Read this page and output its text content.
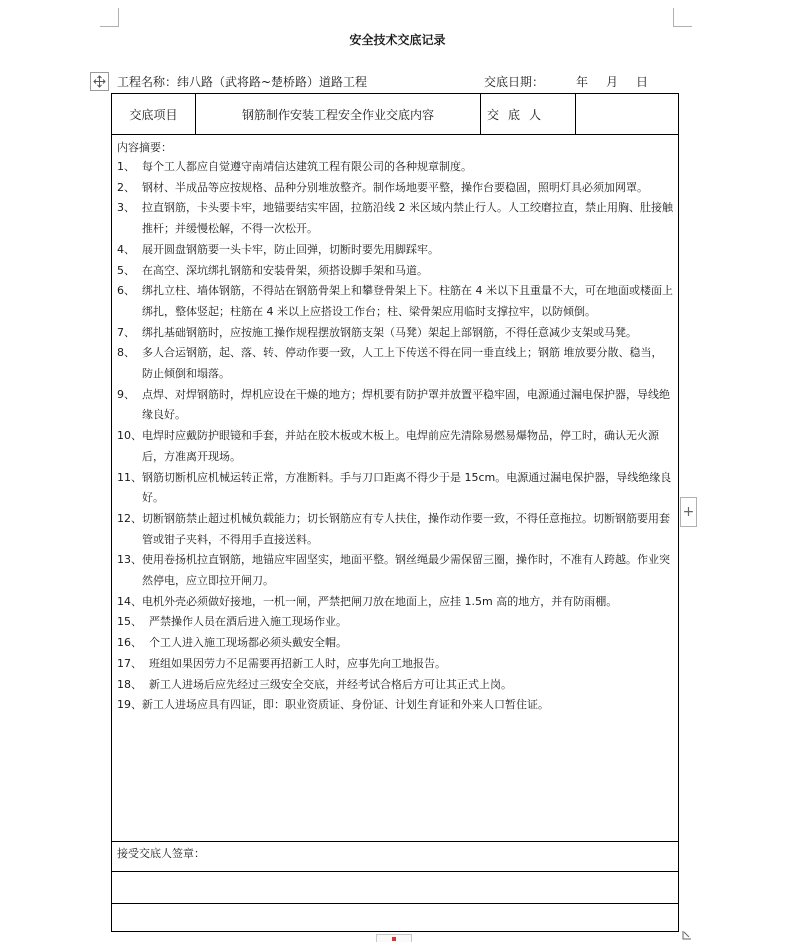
安全技术交底记录
工程名称：纬八路（武将路~楚桥路）道路工程	交底日期：	年 月 日
交底项目	钢筋制作安装工程安全作业交底内容	交底人
内容摘要：
1、 每个工人都应自觉遵守南靖信达建筑工程有限公司的各种规章制度。
2、 钢材、半成品等应按规格、品种分别堆放整齐。制作场地要平整，操作台要稳固，照明灯具必须加网罩。
3、 拉直钢筋，卡头要卡牢，地锚要结实牢固，拉筋沿线 2 米区域内禁止行人。人工绞磨拉直，禁止用胸、肚接触推杆；并缓慢松解，不得一次松开。
4、 展开圆盘钢筋要一头卡牢，防止回弹，切断时要先用脚踩牢。
5、 在高空、深坑绑扎钢筋和安装骨架，须搭设脚手架和马道。
6、 绑扎立柱、墙体钢筋，不得站在钢筋骨架上和攀登骨架上下。柱筋在 4 米以下且重量不大，可在地面或楼面上绑扎，整体竖起；柱筋在 4 米以上应搭设工作台；柱、梁骨架应用临时支撑拉牢，以防倾倒。
7、 绑扎基础钢筋时，应按施工操作规程摆放钢筋支架（马凳）架起上部钢筋，不得任意减少支架或马凳。
8、 多人合运钢筋，起、落、转、停动作要一致，人工上下传送不得在同一垂直线上；钢筋 堆放要分散、稳当，防止倾倒和塌落。
9、 点焊、对焊钢筋时，焊机应设在干燥的地方；焊机要有防护罩并放置平稳牢固，电源通过漏电保护器，导线绝缘良好。
10、 电焊时应戴防护眼镜和手套，并站在胶木板或木板上。电焊前应先清除易燃易爆物品，停工时，确认无火源后，方准离开现场。
11、 钢筋切断机应机械运转正常，方准断料。手与刀口距离不得少于是 15cm。电源通过漏电保护器，导线绝缘良好。
12、 切断钢筋禁止超过机械负载能力；切长钢筋应有专人扶住，操作动作要一致，不得任意拖拉。切断钢筋要用套管或钳子夹料，不得用手直接送料。
13、 使用卷扬机拉直钢筋，地锚应牢固坚实，地面平整。钢丝绳最少需保留三圈，操作时，不准有人跨越。作业突然停电，应立即拉开闸刀。
14、 电机外壳必须做好接地，一机一闸，严禁把闸刀放在地面上，应挂 1.5m 高的地方，并有防雨棚。
15、 严禁操作人员在酒后进入施工现场作业。
16、 个工人进入施工现场都必须头戴安全帽。
17、 班组如果因劳力不足需要再招新工人时，应事先向工地报告。
18、 新工人进场后应先经过三级安全交底，并经考试合格后方可让其正式上岗。
19、 新工人进场应具有四证，即：职业资质证、身份证、计划生育证和外来人口暂住证。
接受交底人签章：
+
